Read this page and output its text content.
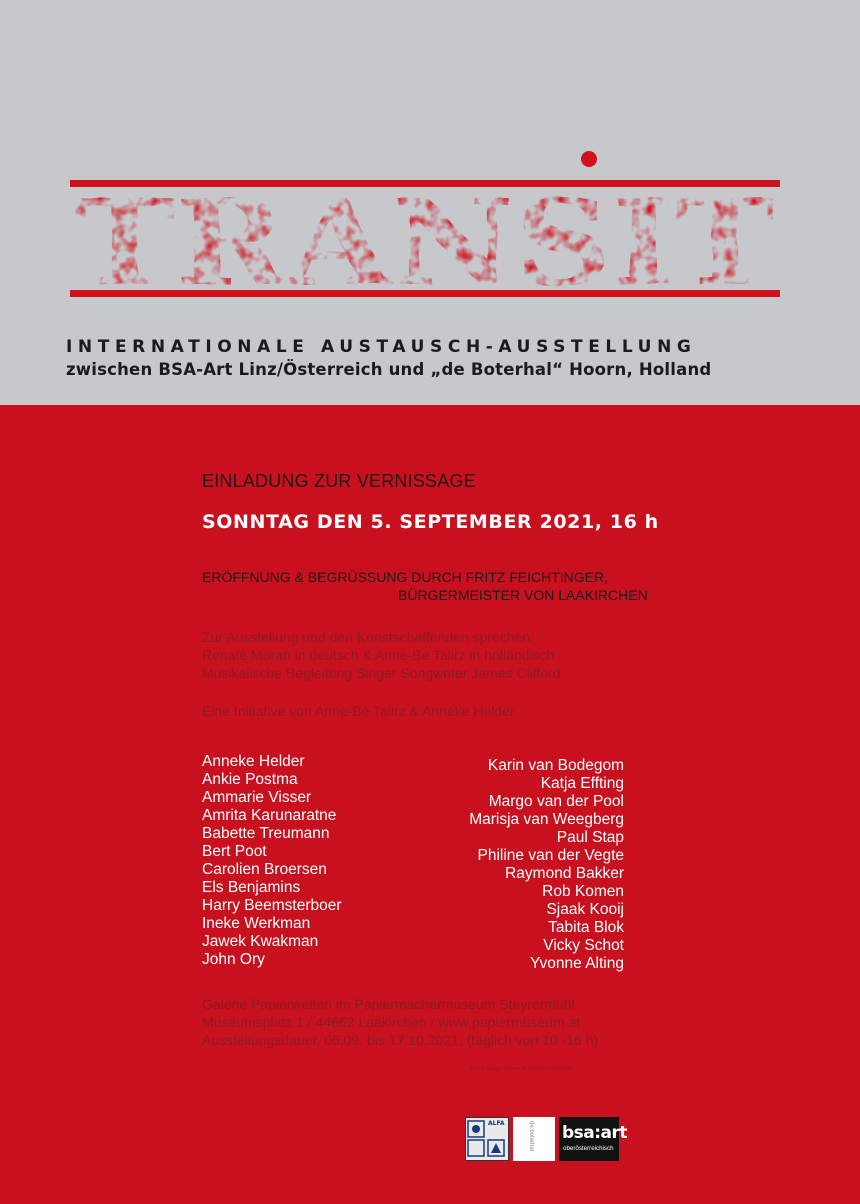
TRANSIT
INTERNATIONALE AUSTAUSCH-AUSSTELLUNG
zwischen BSA-Art Linz/Österreich und „de Boterhal“ Hoorn, Holland
EINLADUNG ZUR VERNISSAGE
SONNTAG DEN 5. SEPTEMBER 2021, 16 h
ERÖFFNUNG & BEGRÜSSUNG DURCH FRITZ FEICHTINGER,
BÜRGERMEISTER VON LAAKIRCHEN
Zur Ausstellung und den Kunstschaffenden sprechen,
Renate Moran in deutsch & Anne-Bé Talirz in holländisch
Musikalische Begleitung Singer Songwriter James Clifford
Eine Initiative von Anne-Bé Talirz & Anneke Helder
Anneke Helder
Ankie Postma
Ammarie Visser
Amrita Karunaratne
Babette Treumann
Bert Poot
Carolien Broersen
Els Benjamins
Harry Beemsterboer
Ineke Werkman
Jawek Kwakman
John Ory
Karin van Bodegom
Katja Effting
Margo van der Pool
Marisja van Weegberg
Paul Stap
Philine van der Vegte
Raymond Bakker
Rob Komen
Sjaak Kooij
Tabita Blok
Vicky Schot
Yvonne Alting
Galerie Papierwelten im Papiermachermuseum Steyrermühl
Museumsplatz 1 / 44662 Laakirchen / www.papiermuseum.at
Ausstellungsdauer, 05.09. bis 17.10.2021, (täglich von 10 -16 h)
Idee & Design © Anne-Bé Talirz, renée kellner
ALFA	de boterhal bsa:art
oberösterreichisch
